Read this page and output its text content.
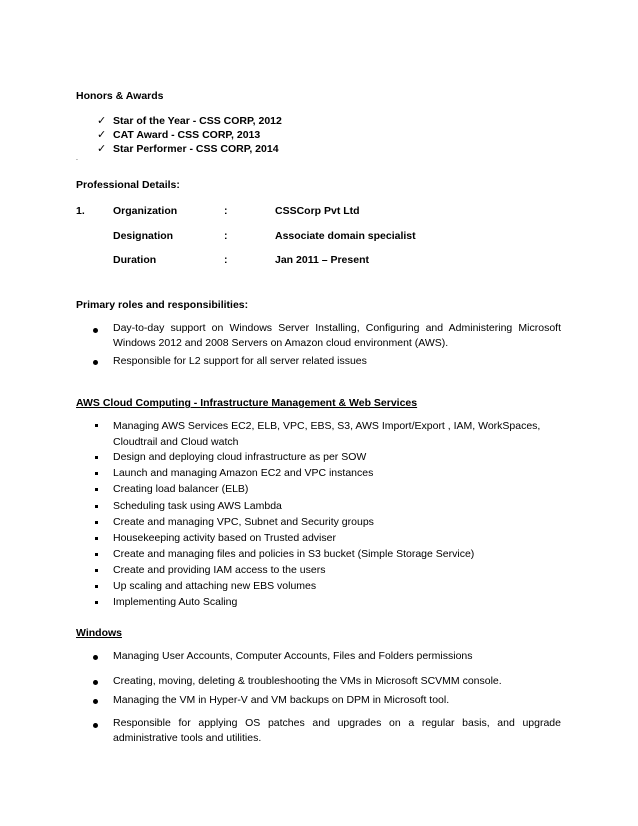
Honors & Awards
✓ Star of the Year - CSS CORP, 2012
✓ CAT Award - CSS CORP, 2013
✓ Star Performer - CSS CORP, 2014
.
Professional Details:
1.	Organization	:	CSSCorp Pvt Ltd
Designation	:	Associate domain specialist
Duration	:	Jan 2011 – Present
Primary roles and responsibilities:
Day-to-day support on Windows Server Installing, Configuring and Administering Microsoft Windows 2012 and 2008 Servers on Amazon cloud environment (AWS).
Responsible for L2 support for all server related issues
AWS Cloud Computing - Infrastructure Management & Web Services
Managing AWS Services EC2, ELB, VPC, EBS, S3, AWS Import/Export , IAM, WorkSpaces, Cloudtrail and Cloud watch
Design and deploying cloud infrastructure as per SOW
Launch and managing Amazon EC2 and VPC instances
Creating load balancer (ELB)
Scheduling task using AWS Lambda
Create and managing VPC, Subnet and Security groups
Housekeeping activity based on Trusted adviser
Create and managing files and policies in S3 bucket (Simple Storage Service)
Create and providing IAM access to the users
Up scaling and attaching new EBS volumes
Implementing Auto Scaling
Windows
Managing User Accounts, Computer Accounts, Files and Folders permissions
Creating, moving, deleting & troubleshooting the VMs in Microsoft SCVMM console.
Managing the VM in Hyper-V and VM backups on DPM in Microsoft tool.
Responsible for applying OS patches and upgrades on a regular basis, and upgrade administrative tools and utilities.
